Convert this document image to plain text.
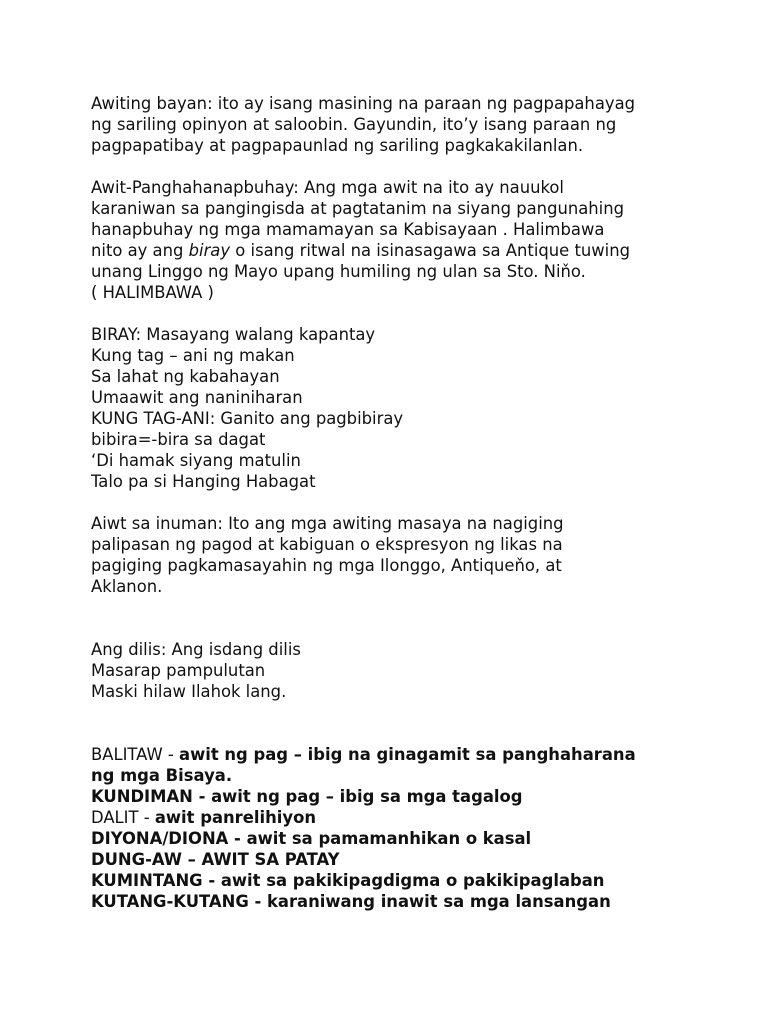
Awiting bayan: ito ay isang masining na paraan ng pagpapahayag
ng sariling opinyon at saloobin. Gayundin, ito’y isang paraan ng
pagpapatibay at pagpapaunlad ng sariling pagkakakilanlan.

Awit-Panghahanapbuhay: Ang mga awit na ito ay nauukol
karaniwan sa pangingisda at pagtatanim na siyang pangunahing
hanapbuhay ng mga mamamayan sa Kabisayaan . Halimbawa
nito ay ang biray o isang ritwal na isinasagawa sa Antique tuwing
unang Linggo ng Mayo upang humiling ng ulan sa Sto. Niňo.
( HALIMBAWA )

BIRAY: Masayang walang kapantay
Kung tag – ani ng makan
Sa lahat ng kabahayan
Umaawit ang naniniharan
KUNG TAG-ANI: Ganito ang pagbibiray
bibira=-bira sa dagat
‘Di hamak siyang matulin
Talo pa si Hanging Habagat

Aiwt sa inuman: Ito ang mga awiting masaya na nagiging
palipasan ng pagod at kabiguan o ekspresyon ng likas na
pagiging pagkamasayahin ng mga Ilonggo, Antiqueňo, at
Aklanon.

Ang dilis: Ang isdang dilis
Masarap pampulutan
Maski hilaw Ilahok lang.

BALITAW - awit ng pag – ibig na ginagamit sa panghaharana
ng mga Bisaya.
KUNDIMAN - awit ng pag – ibig sa mga tagalog
DALIT - awit panrelihiyon
DIYONA/DIONA - awit sa pamamanhikan o kasal
DUNG-AW – AWIT SA PATAY
KUMINTANG - awit sa pakikipagdigma o pakikipaglaban
KUTANG-KUTANG - karaniwang inawit sa mga lansangan
